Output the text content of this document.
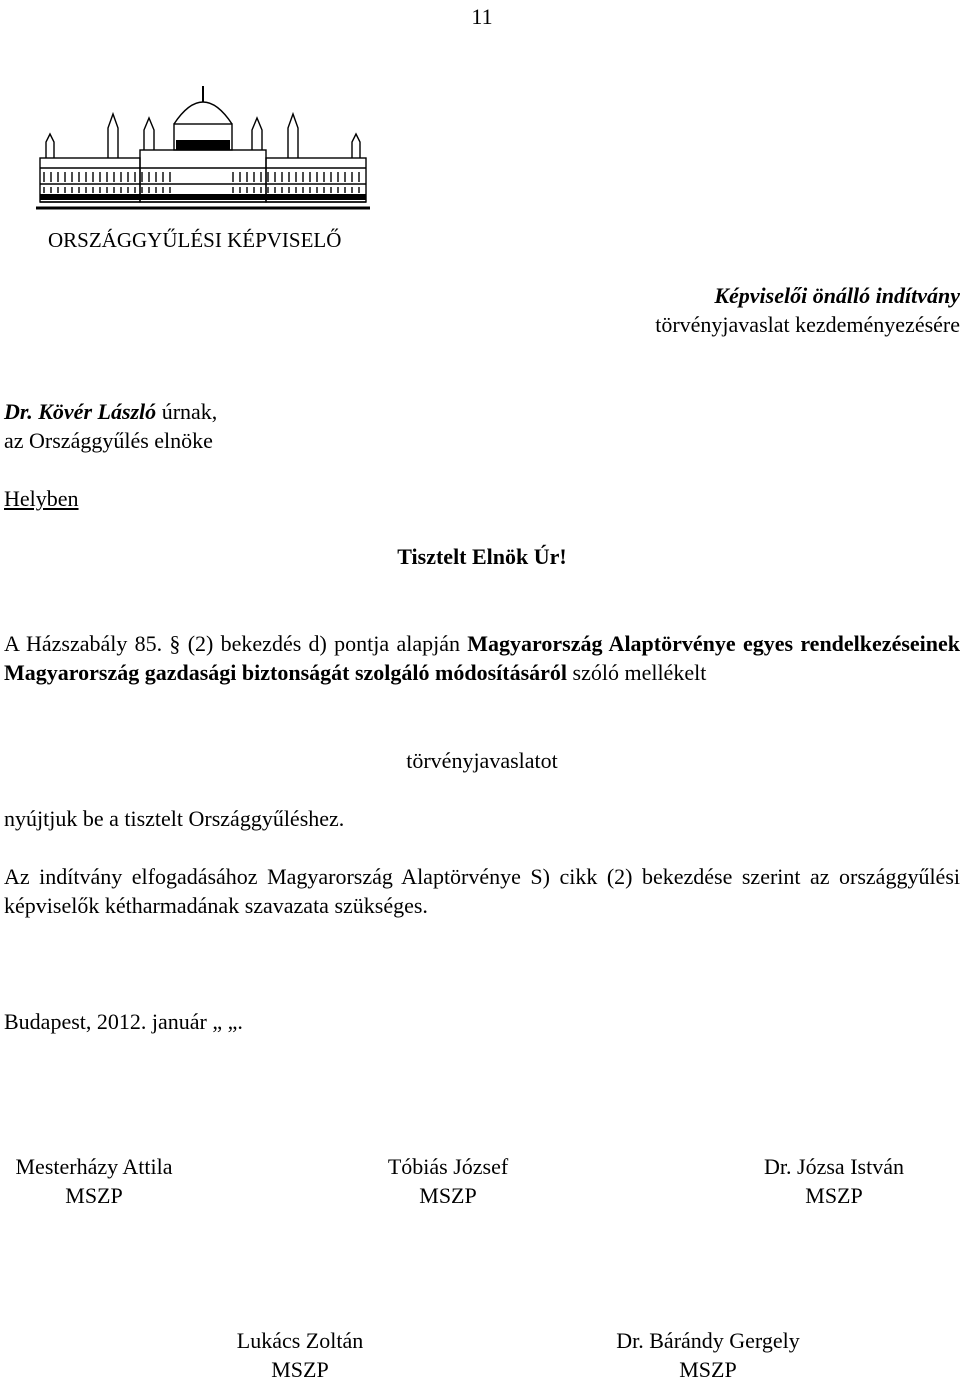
11
ORSZÁGGYŰLÉSI KÉPVISELŐ
Képviselői önálló indítvány
törvényjavaslat kezdeményezésére
Dr. Kövér László úrnak,
az Országgyűlés elnöke
Helyben
Tisztelt Elnök Úr!
A Házszabály 85. § (2) bekezdés d) pontja alapján Magyarország Alaptörvénye egyes rendelkezéseinek Magyarország gazdasági biztonságát szolgáló módosításáról szóló mellékelt
törvényjavaslatot
nyújtjuk be a tisztelt Országgyűléshez.
Az indítvány elfogadásához Magyarország Alaptörvénye S) cikk (2) bekezdése szerint az országgyűlési képviselők kétharmadának szavazata szükséges.
Budapest, 2012. január „ „.
Mesterházy Attila
MSZP
Tóbiás József
MSZP
Dr. Józsa István
MSZP
Lukács Zoltán
MSZP
Dr. Bárándy Gergely
MSZP
